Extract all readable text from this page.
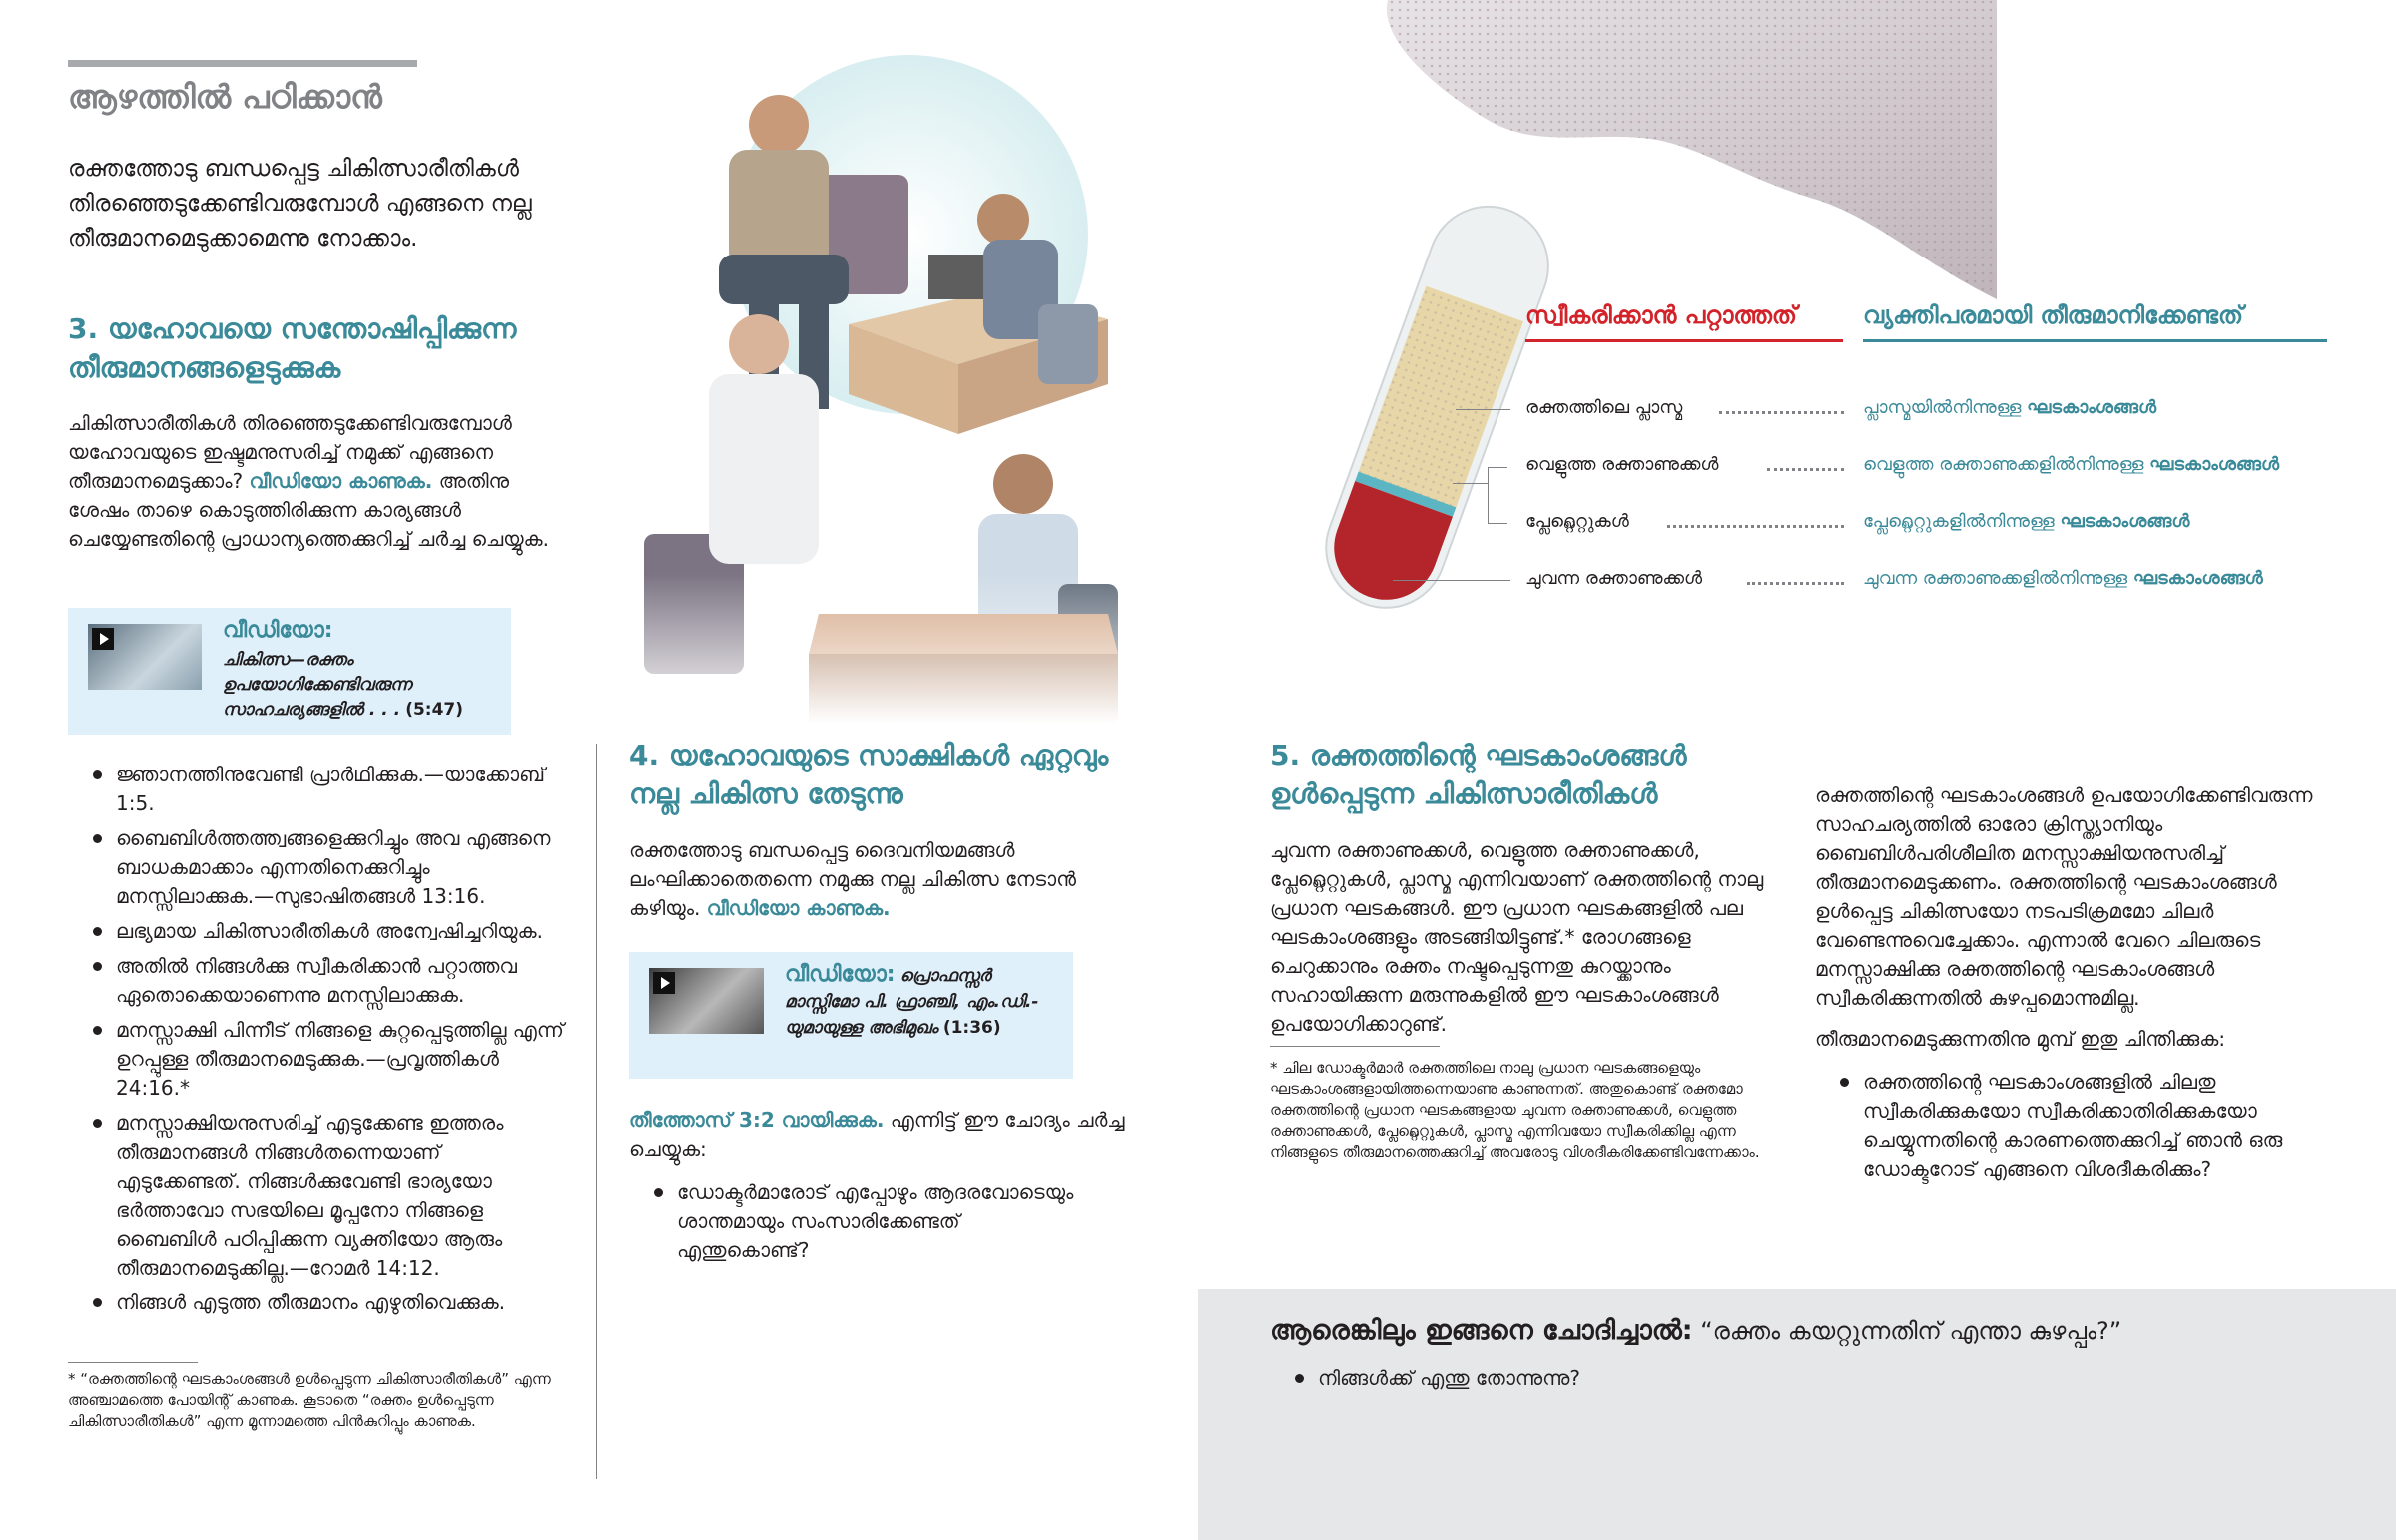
ആഴത്തിൽ പഠിക്കാൻ
രക്തത്തോടു ബന്ധപ്പെട്ട ചികിത്സാരീതികൾ തിരഞ്ഞെടുക്കേണ്ടിവരുമ്പോൾ എങ്ങനെ നല്ല തീരുമാനമെടുക്കാമെന്നു നോക്കാം.
3. യഹോവയെ സന്തോഷിപ്പിക്കുന്ന തീരുമാനങ്ങളെടുക്കുക
ചികിത്സാരീതികൾ തിരഞ്ഞെടുക്കേണ്ടിവരുമ്പോൾ യഹോവയുടെ ഇഷ്ടമനുസരിച്ച് നമുക്ക് എങ്ങനെ തീരുമാനമെടുക്കാം? വീഡിയോ കാണുക. അതിനു ശേഷം താഴെ കൊടുത്തിരിക്കുന്ന കാര്യങ്ങൾ ചെയ്യേണ്ടതിന്റെ പ്രാധാന്യത്തെക്കുറിച്ച് ചർച്ച ചെയ്യുക.
വീഡിയോ:
ചികിത്സ—രക്തം ഉപയോഗിക്കേണ്ടിവരുന്ന സാഹചര്യങ്ങളിൽ . . . (5:47)
ജ്ഞാനത്തിനുവേണ്ടി പ്രാർഥിക്കുക.—യാക്കോബ് 1:5.
ബൈബിൾത്തത്ത്വങ്ങളെക്കുറിച്ചും അവ എങ്ങനെ ബാധകമാക്കാം എന്നതിനെക്കുറിച്ചും മനസ്സിലാക്കുക.—സുഭാഷിതങ്ങൾ 13:16.
ലഭ്യമായ ചികിത്സാരീതികൾ അന്വേഷിച്ചറിയുക.
അതിൽ നിങ്ങൾക്കു സ്വീകരിക്കാൻ പറ്റാത്തവ ഏതൊക്കെയാണെന്നു മനസ്സിലാക്കുക.
മനസ്സാക്ഷി പിന്നീട് നിങ്ങളെ കുറ്റപ്പെടുത്തില്ല എന്ന് ഉറപ്പുള്ള തീരുമാനമെടുക്കുക.—പ്രവൃത്തികൾ 24:16.*
മനസ്സാക്ഷിയനുസരിച്ച് എടുക്കേണ്ട ഇത്തരം തീരുമാനങ്ങൾ നിങ്ങൾതന്നെയാണ് എടുക്കേണ്ടത്. നിങ്ങൾക്കുവേണ്ടി ഭാര്യയോ ഭർത്താവോ സഭയിലെ മൂപ്പനോ നിങ്ങളെ ബൈബിൾ പഠിപ്പിക്കുന്ന വ്യക്തിയോ ആരും തീരുമാനമെടുക്കില്ല.—റോമർ 14:12.
നിങ്ങൾ എടുത്ത തീരുമാനം എഴുതിവെക്കുക.
* “രക്തത്തിന്റെ ഘടകാംശങ്ങൾ ഉൾപ്പെടുന്ന ചികിത്സാരീതികൾ” എന്ന അഞ്ചാമത്തെ പോയിന്റ് കാണുക. കൂടാതെ “രക്തം ഉൾപ്പെടുന്ന ചികിത്സാരീതികൾ” എന്ന മൂന്നാമത്തെ പിൻകുറിപ്പും കാണുക.
4. യഹോവയുടെ സാക്ഷികൾ ഏറ്റവും നല്ല ചികിത്സ തേടുന്നു
രക്തത്തോടു ബന്ധപ്പെട്ട ദൈവനിയമങ്ങൾ ലംഘിക്കാതെതന്നെ നമുക്കു നല്ല ചികിത്സ നേടാൻ കഴിയും. വീഡിയോ കാണുക.
വീഡിയോ: പ്രൊഫസ്സർ മാസ്സിമോ പി. ഫ്രാഞ്ചി, എം.ഡി.-യുമായുള്ള അഭിമുഖം (1:36)
തീത്തോസ് 3:2 വായിക്കുക. എന്നിട്ട് ഈ ചോദ്യം ചർച്ച ചെയ്യുക:
ഡോക്ടർമാരോട് എപ്പോഴും ആദരവോടെയും ശാന്തമായും സംസാരിക്കേണ്ടത് എന്തുകൊണ്ട്?
സ്വീകരിക്കാൻ പറ്റാത്തത്	വ്യക്തിപരമായി തീരുമാനിക്കേണ്ടത്
രക്തത്തിലെ പ്ലാസ്മ	പ്ലാസ്മയിൽനിന്നുള്ള ഘടകാംശങ്ങൾ
വെളുത്ത രക്താണുക്കൾ	വെളുത്ത രക്താണുക്കളിൽനിന്നുള്ള ഘടകാംശങ്ങൾ
പ്ലേറ്റ്ലെറ്റുകൾ	പ്ലേറ്റ്ലെറ്റുകളിൽനിന്നുള്ള ഘടകാംശങ്ങൾ
ചുവന്ന രക്താണുക്കൾ	ചുവന്ന രക്താണുക്കളിൽനിന്നുള്ള ഘടകാംശങ്ങൾ
5. രക്തത്തിന്റെ ഘടകാംശങ്ങൾ ഉൾപ്പെടുന്ന ചികിത്സാരീതികൾ
ചുവന്ന രക്താണുക്കൾ, വെളുത്ത രക്താണുക്കൾ, പ്ലേറ്റ്ലെറ്റുകൾ, പ്ലാസ്മ എന്നിവയാണ് രക്തത്തിന്റെ നാലു പ്രധാന ഘടകങ്ങൾ. ഈ പ്രധാന ഘടകങ്ങളിൽ പല ഘടകാംശങ്ങളും അടങ്ങിയിട്ടുണ്ട്.* രോഗങ്ങളെ ചെറുക്കാനും രക്തം നഷ്ടപ്പെടുന്നതു കുറയ്ക്കാനും സഹായിക്കുന്ന മരുന്നുകളിൽ ഈ ഘടകാംശങ്ങൾ ഉപയോഗിക്കാറുണ്ട്.
* ചില ഡോക്ടർമാർ രക്തത്തിലെ നാലു പ്രധാന ഘടകങ്ങളെയും ഘടകാംശങ്ങളായിത്തന്നെയാണു കാണുന്നത്. അതുകൊണ്ട് രക്തമോ രക്തത്തിന്റെ പ്രധാന ഘടകങ്ങളായ ചുവന്ന രക്താണുക്കൾ, വെളുത്ത രക്താണുക്കൾ, പ്ലേറ്റ്ലെറ്റുകൾ, പ്ലാസ്മ എന്നിവയോ സ്വീകരിക്കില്ല എന്ന നിങ്ങളുടെ തീരുമാനത്തെക്കുറിച്ച് അവരോടു വിശദീകരിക്കേണ്ടിവന്നേക്കാം.
രക്തത്തിന്റെ ഘടകാംശങ്ങൾ ഉപയോഗിക്കേണ്ടിവരുന്ന സാഹചര്യത്തിൽ ഓരോ ക്രിസ്ത്യാനിയും ബൈബിൾപരിശീലിത മനസ്സാക്ഷിയനുസരിച്ച് തീരുമാനമെടുക്കണം. രക്തത്തിന്റെ ഘടകാംശങ്ങൾ ഉൾപ്പെട്ട ചികിത്സയോ നടപടിക്രമമോ ചിലർ വേണ്ടെന്നുവെച്ചേക്കാം. എന്നാൽ വേറെ ചിലരുടെ മനസ്സാക്ഷിക്കു രക്തത്തിന്റെ ഘടകാംശങ്ങൾ സ്വീകരിക്കുന്നതിൽ കുഴപ്പമൊന്നുമില്ല.
തീരുമാനമെടുക്കുന്നതിനു മുമ്പ് ഇതു ചിന്തിക്കുക:
രക്തത്തിന്റെ ഘടകാംശങ്ങളിൽ ചിലതു സ്വീകരിക്കുകയോ സ്വീകരിക്കാതിരിക്കുകയോ ചെയ്യുന്നതിന്റെ കാരണത്തെക്കുറിച്ച് ഞാൻ ഒരു ഡോക്ടറോട് എങ്ങനെ വിശദീകരിക്കും?
ആരെങ്കിലും ഇങ്ങനെ ചോദിച്ചാൽ: “രക്തം കയറ്റുന്നതിന് എന്താ കുഴപ്പം?”
നിങ്ങൾക്ക് എന്തു തോന്നുന്നു?
